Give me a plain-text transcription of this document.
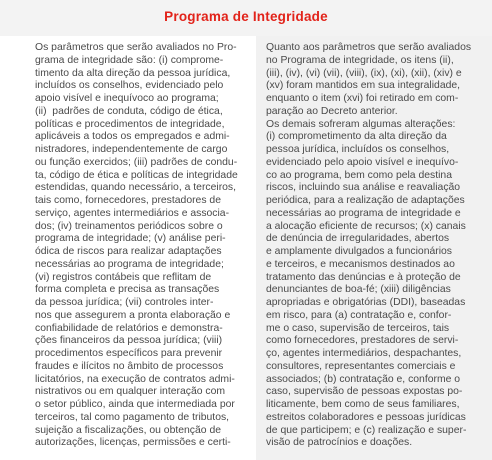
Programa de Integridade

Os parâmetros que serão avaliados no Pro-
grama de integridade são: (i) comprome-
timento da alta direção da pessoa jurídica,
incluídos os conselhos, evidenciado pelo
apoio visível e inequívoco ao programa;
(ii)  padrões de conduta, código de ética,
políticas e procedimentos de integridade,
aplicáveis a todos os empregados e admi-
nistradores, independentemente de cargo
ou função exercidos; (iii) padrões de condu-
ta, código de ética e políticas de integridade
estendidas, quando necessário, a terceiros,
tais como, fornecedores, prestadores de
serviço, agentes intermediários e associa-
dos; (iv) treinamentos periódicos sobre o
programa de integridade; (v) análise peri-
ódica de riscos para realizar adaptações
necessárias ao programa de integridade;
(vi) registros contábeis que reflitam de
forma completa e precisa as transações
da pessoa jurídica; (vii) controles inter-
nos que assegurem a pronta elaboração e
confiabilidade de relatórios e demonstra-
ções financeiros da pessoa jurídica; (viii)
procedimentos específicos para prevenir
fraudes e ilícitos no âmbito de processos
licitatórios, na execução de contratos admi-
nistrativos ou em qualquer interação com
o setor público, ainda que intermediada por
terceiros, tal como pagamento de tributos,
sujeição a fiscalizações, ou obtenção de
autorizações, licenças, permissões e certi-

Quanto aos parâmetros que serão avaliados
no Programa de integridade, os itens (ii),
(iii), (iv), (vi) (vii), (viii), (ix), (xi), (xii), (xiv) e
(xv) foram mantidos em sua integralidade,
enquanto o item (xvi) foi retirado em com-
paração ao Decreto anterior.
Os demais sofreram algumas alterações:
(i) comprometimento da alta direção da
pessoa jurídica, incluídos os conselhos,
evidenciado pelo apoio visível e inequívo-
co ao programa, bem como pela destina
riscos, incluindo sua análise e reavaliação
periódica, para a realização de adaptações
necessárias ao programa de integridade e
a alocação eficiente de recursos; (x) canais
de denúncia de irregularidades, abertos
e amplamente divulgados a funcionários
e terceiros, e mecanismos destinados ao
tratamento das denúncias e à proteção de
denunciantes de boa-fé; (xiii) diligências
apropriadas e obrigatórias (DDI), baseadas
em risco, para (a) contratação e, confor-
me o caso, supervisão de terceiros, tais
como fornecedores, prestadores de servi-
ço, agentes intermediários, despachantes,
consultores, representantes comerciais e
associados; (b) contratação e, conforme o
caso, supervisão de pessoas expostas po-
liticamente, bem como de seus familiares,
estreitos colaboradores e pessoas jurídicas
de que participem; e (c) realização e super-
visão de patrocínios e doações.
